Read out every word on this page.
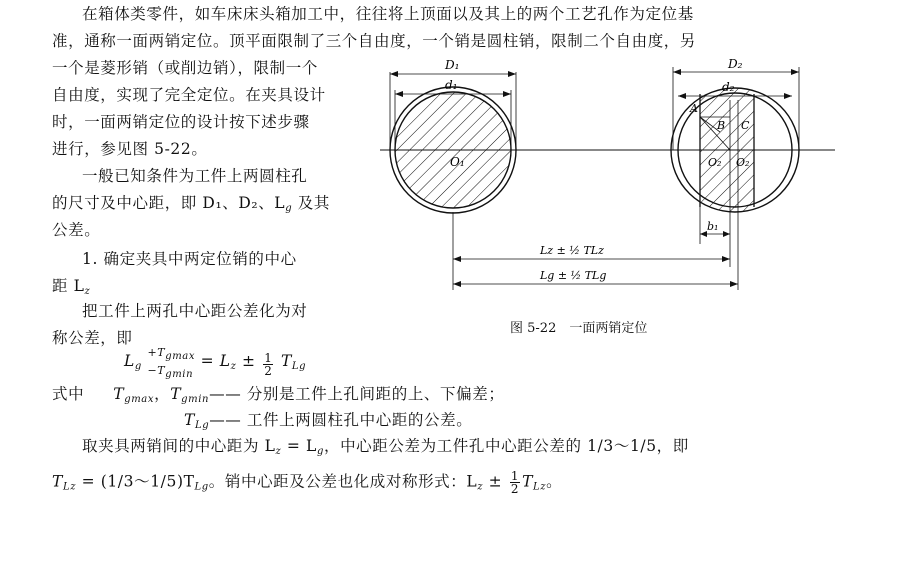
在箱体类零件，如车床床头箱加工中，往往将上顶面以及其上的两个工艺孔作为定位基
准，通称一面两销定位。顶平面限制了三个自由度，一个销是圆柱销，限制二个自由度，另
一个是菱形销（或削边销），限制一个
自由度，实现了完全定位。在夹具设计
时，一面两销定位的设计按下述步骤
进行，参见图 5-22。
一般已知条件为工件上两圆柱孔
的尺寸及中心距，即 D₁、D₂、$L_g$ 及其
公差。
1. 确定夹具中两定位销的中心
距 $L_z$
把工件上两孔中心距公差化为对
称公差，即
$L_g$
+Tgmax
−Tgmin
= $L_z \pm \frac{1}{2} T_{Lg}$
式中 $T_{gmax}$，$T_{gmin}——$ 分别是工件上孔间距的上、下偏差；
$T_{Lg}——$ 工件上两圆柱孔中心距的公差。
取夹具两销间的中心距为 $L_z = L_g$，中心距公差为工件孔中心距公差的 1/3～1/5，即
$T_{Lz}$ = $(1/3\sim 1/5)T_{Lg}$。销中心距及公差也化成对称形式：$L_z \pm \frac{1}{2} T_{Lz}$。
O₁
D₁
d₁
A
B C
O₂ O₂
D₂
d₂
b₁
Lz ± ½ TLz
Lg ± ½ TLg
图 5-22　一面两销定位
